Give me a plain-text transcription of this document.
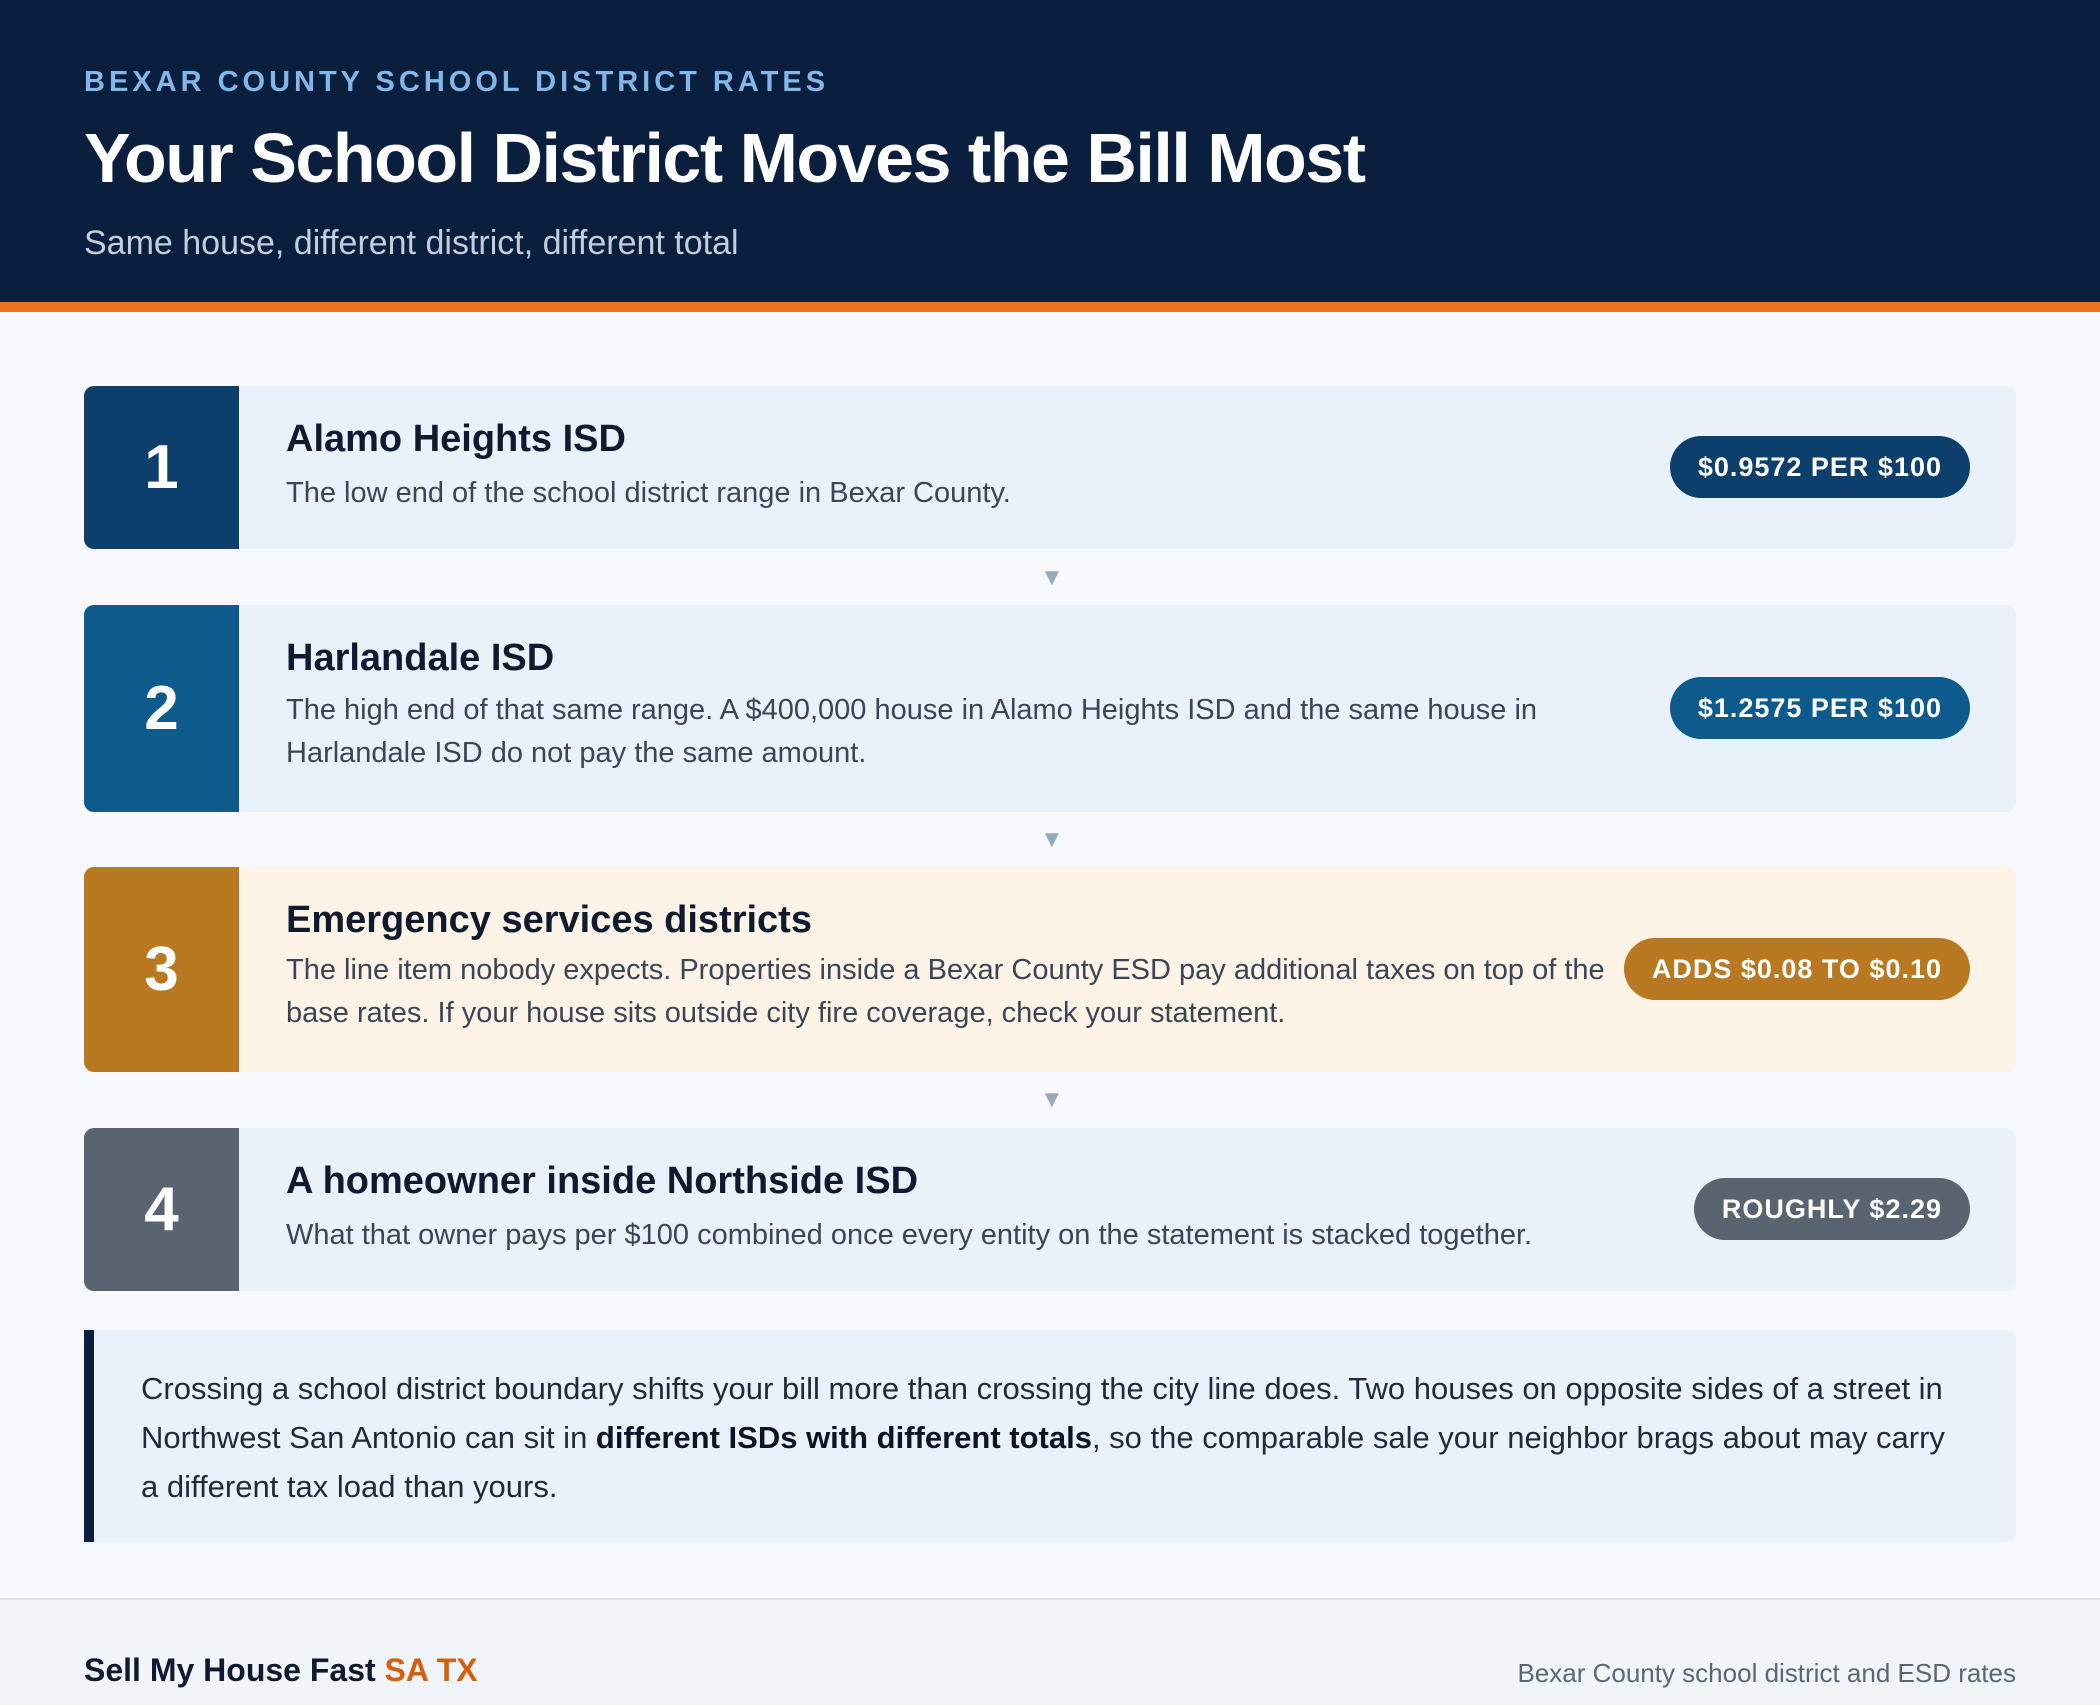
BEXAR COUNTY SCHOOL DISTRICT RATES
Your School District Moves the Bill Most
Same house, different district, different total
1	Alamo Heights ISD
The low end of the school district range in Bexar County.
$0.9572 PER $100
▼
2
Harlandale ISD
The high end of that same range. A $400,000 house in Alamo Heights ISD and the same house in Harlandale ISD do not pay the same amount.
$1.2575 PER $100
▼
3
Emergency services districts
The line item nobody expects. Properties inside a Bexar County ESD pay additional taxes on top of the base rates. If your house sits outside city fire coverage, check your statement.
ADDS $0.08 TO $0.10
▼
4	A homeowner inside Northside ISD
What that owner pays per $100 combined once every entity on the statement is stacked together.
ROUGHLY $2.29

Crossing a school district boundary shifts your bill more than crossing the city line does. Two houses on opposite sides of a street in Northwest San Antonio can sit in different ISDs with different totals, so the comparable sale your neighbor brags about may carry a different tax load than yours.

Sell My House Fast SA TX	Bexar County school district and ESD rates
